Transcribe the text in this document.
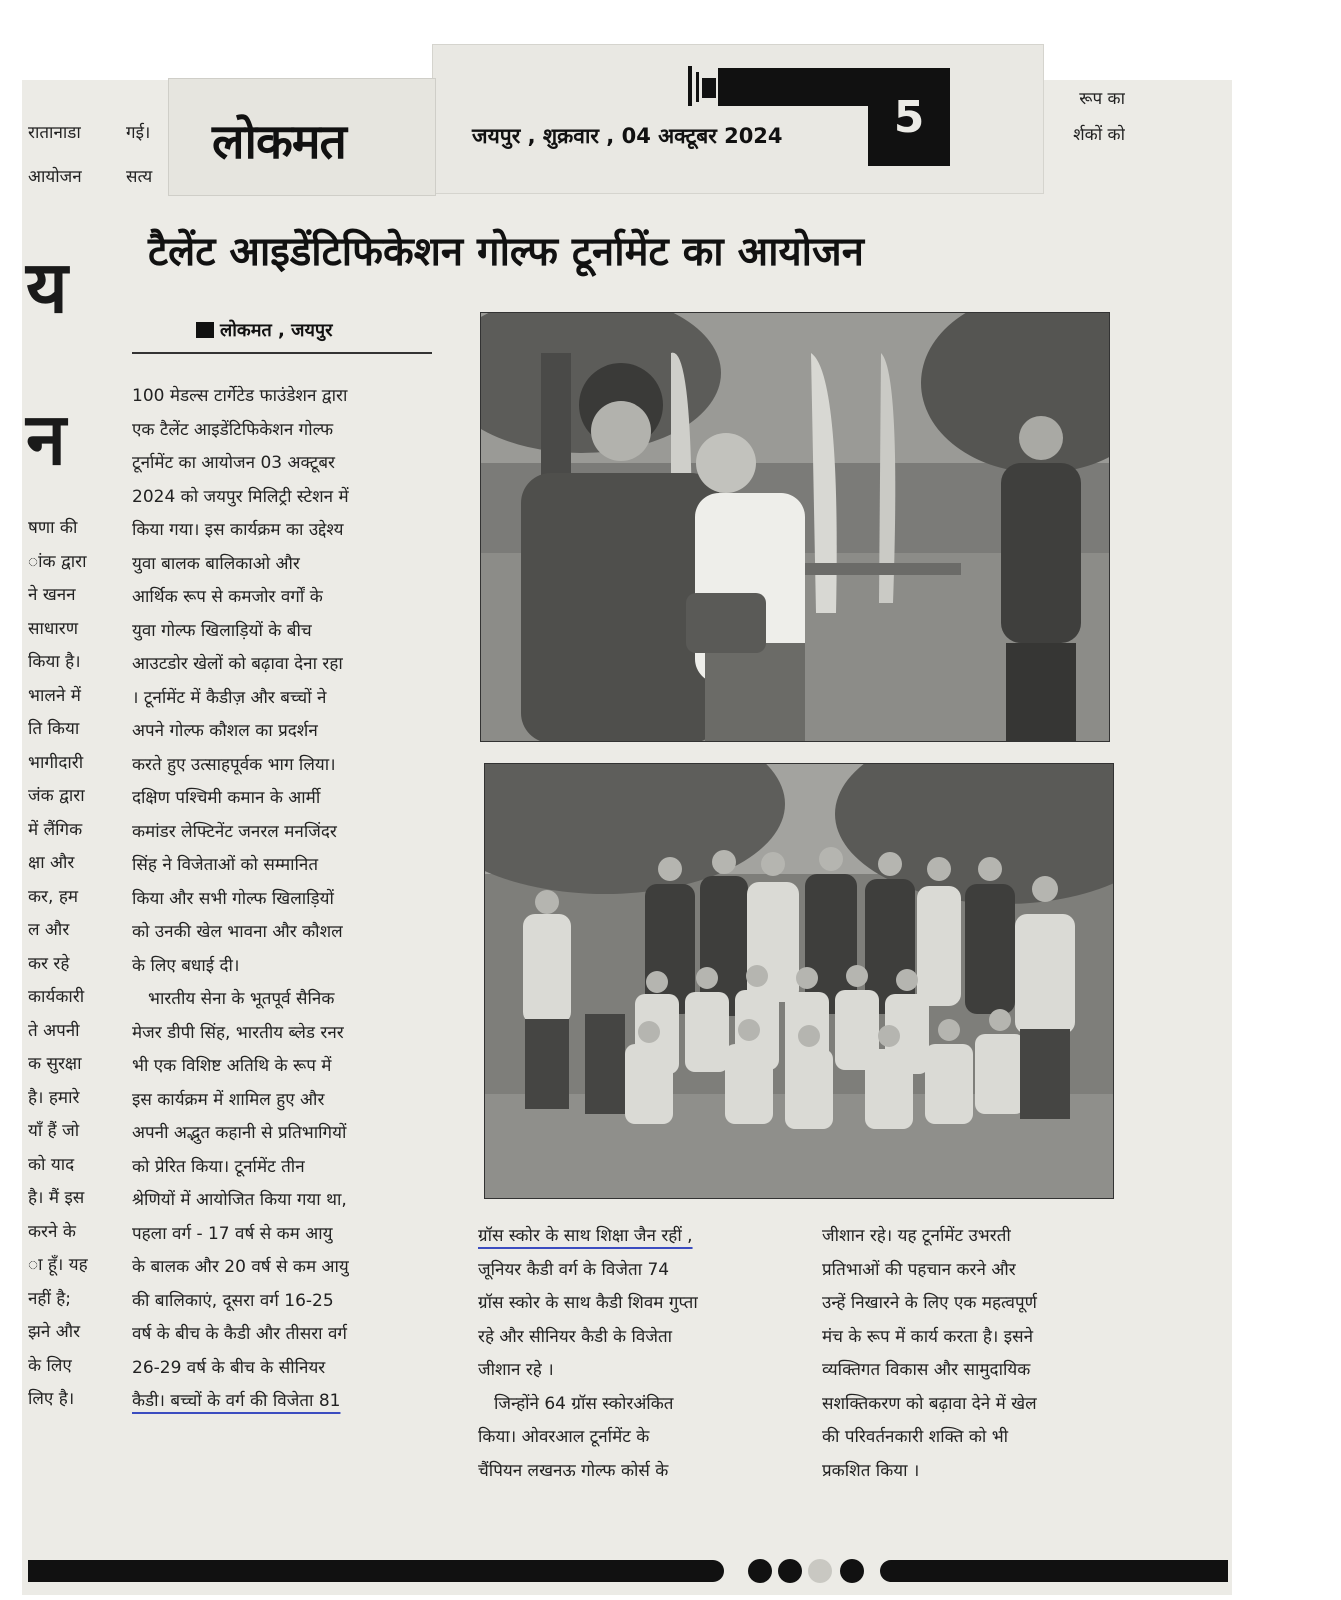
लोकमत	जयपुर , शुक्रवार , 04 अक्टूबर 2024	5
रातानाडा
आयोजन
गई।
सत्य
य
न
षणा की
ांक द्वारा
ने खनन
साधारण
किया है।
भालने में
ति किया
भागीदारी
जंक द्वारा
में लैंगिक
क्षा और
कर, हम
ल और
कर रहे
कार्यकारी
ते अपनी
क सुरक्षा
है। हमारे
याँ हैं जो
को याद
है। मैं इस
करने के
ा हूँ। यह
नहीं है;
झने और
के लिए
लिए है।
रूप का
र्शकों को
टैलेंट आइडेंटिफिकेशन गोल्फ टूर्नामेंट का आयोजन
लोकमत , जयपुर
100 मेडल्स टार्गेटेड फाउंडेशन द्वारा
एक टैलेंट आइडेंटिफिकेशन गोल्फ
टूर्नामेंट का आयोजन 03 अक्टूबर
2024 को जयपुर मिलिट्री स्टेशन में
किया गया। इस कार्यक्रम का उद्देश्य
युवा बालक बालिकाओ और
आर्थिक रूप से कमजोर वर्गों के
युवा गोल्फ खिलाड़ियों के बीच
आउटडोर खेलों को बढ़ावा देना रहा
। टूर्नामेंट में कैडीज़ और बच्चों ने
अपने गोल्फ कौशल का प्रदर्शन
करते हुए उत्साहपूर्वक भाग लिया।
दक्षिण पश्चिमी कमान के आर्मी
कमांडर लेफ्टिनेंट जनरल मनजिंदर
सिंह ने विजेताओं को सम्मानित
किया और सभी गोल्फ खिलाड़ियों
को उनकी खेल भावना और कौशल
के लिए बधाई दी।
भारतीय सेना के भूतपूर्व सैनिक
मेजर डीपी सिंह, भारतीय ब्लेड रनर
भी एक विशिष्ट अतिथि के रूप में
इस कार्यक्रम में शामिल हुए और
अपनी अद्भुत कहानी से प्रतिभागियों
को प्रेरित किया। टूर्नामेंट तीन
श्रेणियों में आयोजित किया गया था,
पहला वर्ग - 17 वर्ष से कम आयु
के बालक और 20 वर्ष से कम आयु
की बालिकाएं, दूसरा वर्ग 16-25
वर्ष के बीच के कैडी और तीसरा वर्ग
26-29 वर्ष के बीच के सीनियर
कैडी। बच्चों के वर्ग की विजेता 81
ग्रॉस स्कोर के साथ शिक्षा जैन रहीं ,
जूनियर कैडी वर्ग के विजेता 74
ग्रॉस स्कोर के साथ कैडी शिवम गुप्ता
रहे और सीनियर कैडी के विजेता
जीशान रहे ।
जिन्होंने 64 ग्रॉस स्कोरअंकित
किया। ओवरआल टूर्नामेंट के
चैंपियन लखनऊ गोल्फ कोर्स के
जीशान रहे। यह टूर्नामेंट उभरती
प्रतिभाओं की पहचान करने और
उन्हें निखारने के लिए एक महत्वपूर्ण
मंच के रूप में कार्य करता है। इसने
व्यक्तिगत विकास और सामुदायिक
सशक्तिकरण को बढ़ावा देने में खेल
की परिवर्तनकारी शक्ति को भी
प्रकशित किया ।
